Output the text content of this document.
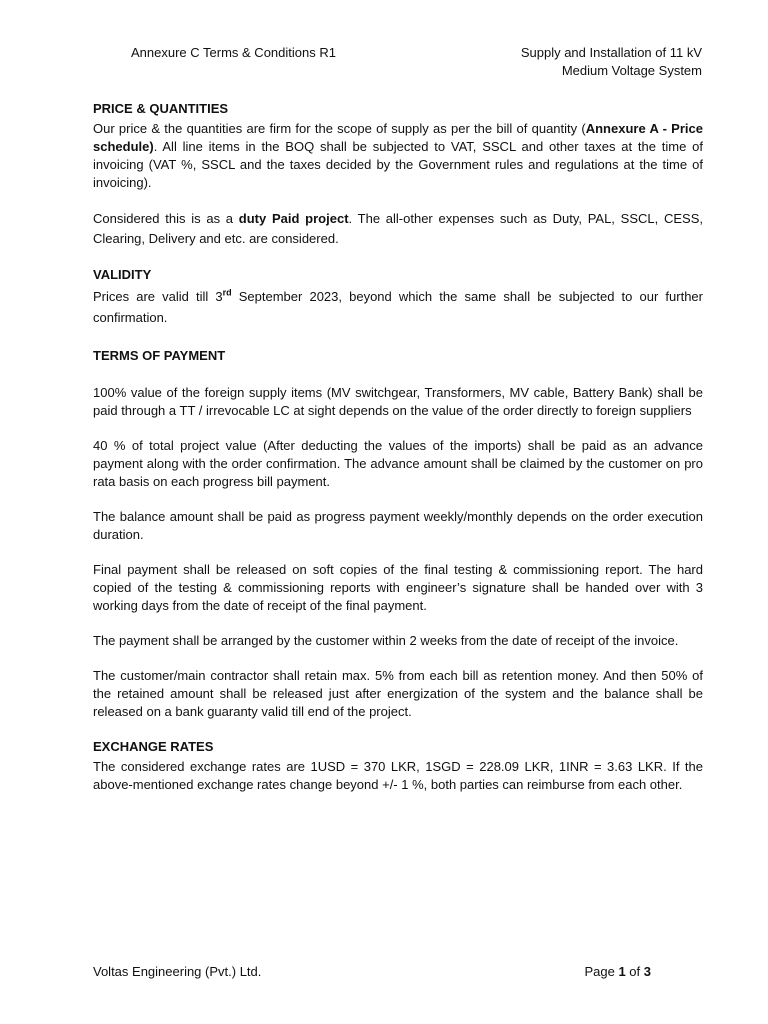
Annexure C Terms & Conditions R1	Supply and Installation of 11 kV
Medium Voltage System
PRICE & QUANTITIES

Our price & the quantities are firm for the scope of supply as per the bill of quantity (Annexure A - Price schedule). All line items in the BOQ shall be subjected to VAT, SSCL and other taxes at the time of invoicing (VAT %, SSCL and the taxes decided by the Government rules and regulations at the time of invoicing).

Considered this is as a duty Paid project. The all-other expenses such as Duty, PAL, SSCL, CESS, Clearing, Delivery and etc. are considered.

VALIDITY

Prices are valid till 3rd September 2023, beyond which the same shall be subjected to our further confirmation.

TERMS OF PAYMENT

100% value of the foreign supply items (MV switchgear, Transformers, MV cable, Battery Bank) shall be paid through a TT / irrevocable LC at sight depends on the value of the order directly to foreign suppliers

40 % of total project value (After deducting the values of the imports) shall be paid as an advance payment along with the order confirmation. The advance amount shall be claimed by the customer on pro rata basis on each progress bill payment.

The balance amount shall be paid as progress payment weekly/monthly depends on the order execution duration.

Final payment shall be released on soft copies of the final testing & commissioning report. The hard copied of the testing & commissioning reports with engineer’s signature shall be handed over with 3 working days from the date of receipt of the final payment.

The payment shall be arranged by the customer within 2 weeks from the date of receipt of the invoice.

The customer/main contractor shall retain max. 5% from each bill as retention money. And then 50% of the retained amount shall be released just after energization of the system and the balance shall be released on a bank guaranty valid till end of the project.

EXCHANGE RATES

The considered exchange rates are 1USD = 370 LKR, 1SGD = 228.09 LKR, 1INR = 3.63 LKR. If the above-mentioned exchange rates change beyond +/- 1 %, both parties can reimburse from each other.

Voltas Engineering (Pvt.) Ltd.	Page 1 of 3
